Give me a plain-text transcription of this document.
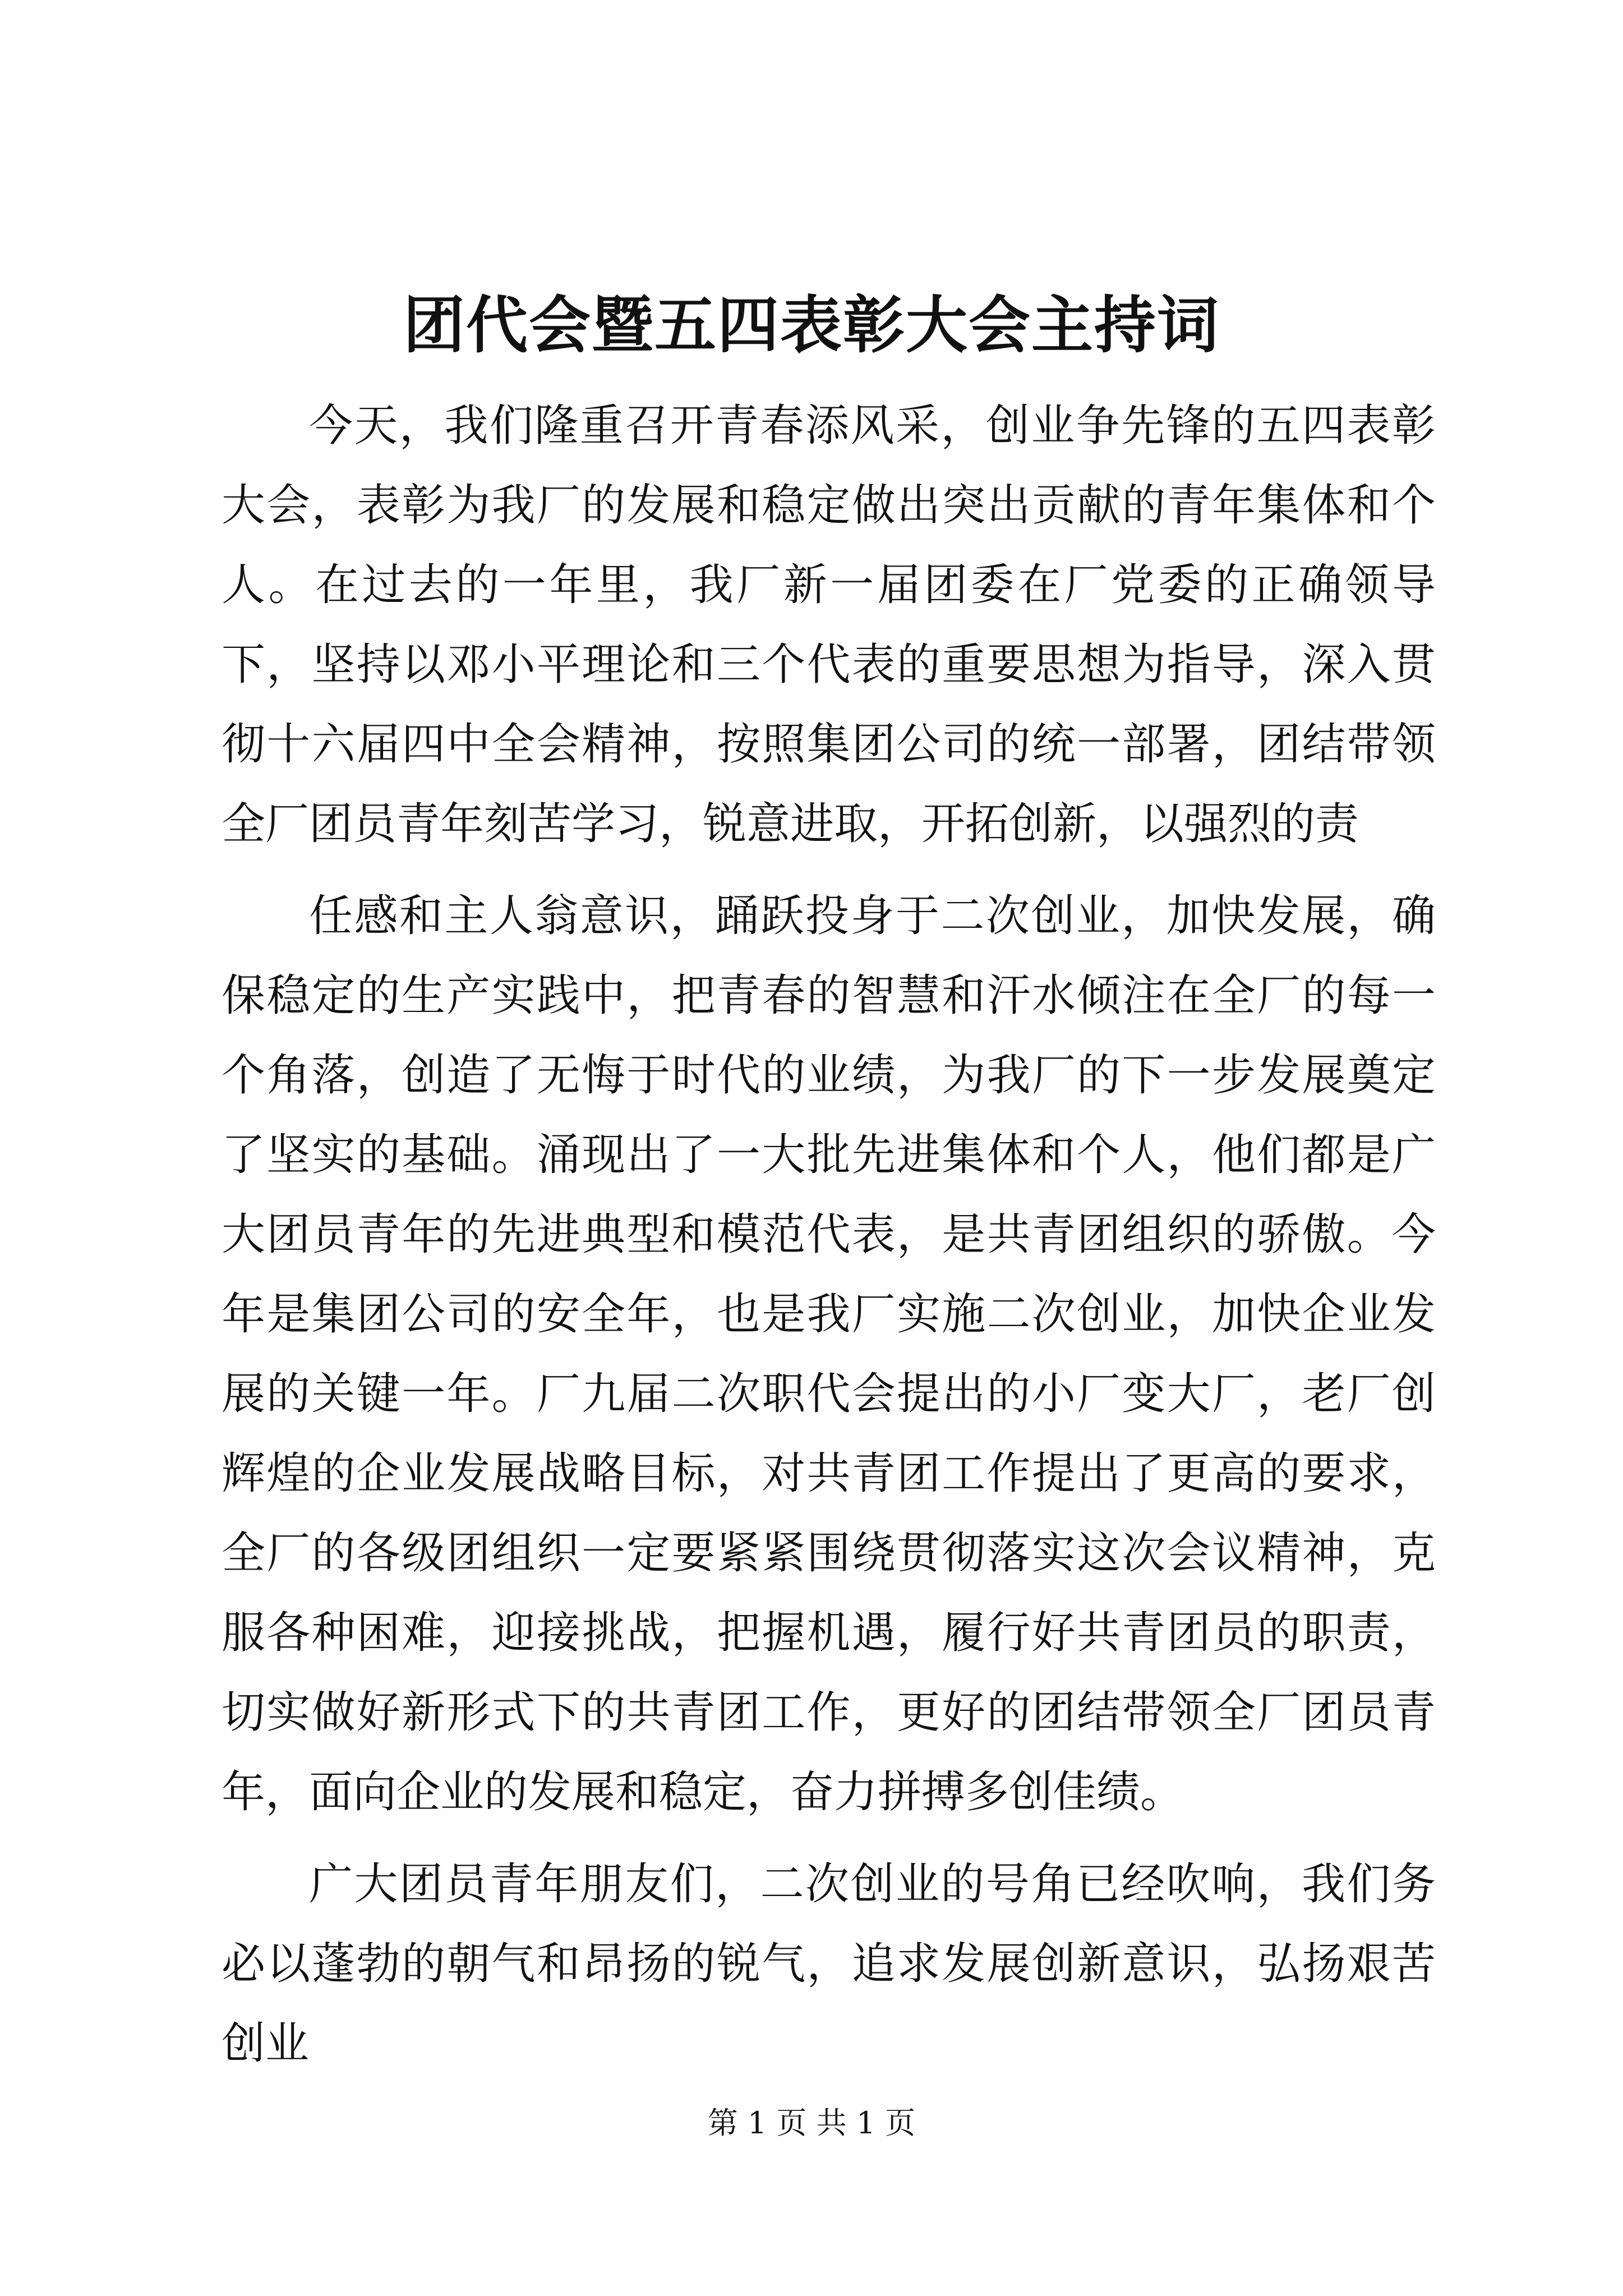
团代会暨五四表彰大会主持词

今天，我们隆重召开青春添风采，创业争先锋的五四表彰大会，表彰为我厂的发展和稳定做出突出贡献的青年集体和个人。在过去的一年里，我厂新一届团委在厂党委的正确领导下，坚持以邓小平理论和三个代表的重要思想为指导，深入贯彻十六届四中全会精神，按照集团公司的统一部署，团结带领全厂团员青年刻苦学习，锐意进取，开拓创新，以强烈的责

任感和主人翁意识，踊跃投身于二次创业，加快发展，确保稳定的生产实践中，把青春的智慧和汗水倾注在全厂的每一个角落，创造了无悔于时代的业绩，为我厂的下一步发展奠定了坚实的基础。涌现出了一大批先进集体和个人，他们都是广大团员青年的先进典型和模范代表，是共青团组织的骄傲。今年是集团公司的安全年，也是我厂实施二次创业，加快企业发展的关键一年。厂九届二次职代会提出的小厂变大厂，老厂创辉煌的企业发展战略目标，对共青团工作提出了更高的要求，全厂的各级团组织一定要紧紧围绕贯彻落实这次会议精神，克服各种困难，迎接挑战，把握机遇，履行好共青团员的职责，切实做好新形式下的共青团工作，更好的团结带领全厂团员青年，面向企业的发展和稳定，奋力拼搏多创佳绩。

广大团员青年朋友们，二次创业的号角已经吹响，我们务必以蓬勃的朝气和昂扬的锐气，追求发展创新意识，弘扬艰苦创业

第 1 页 共 1 页
